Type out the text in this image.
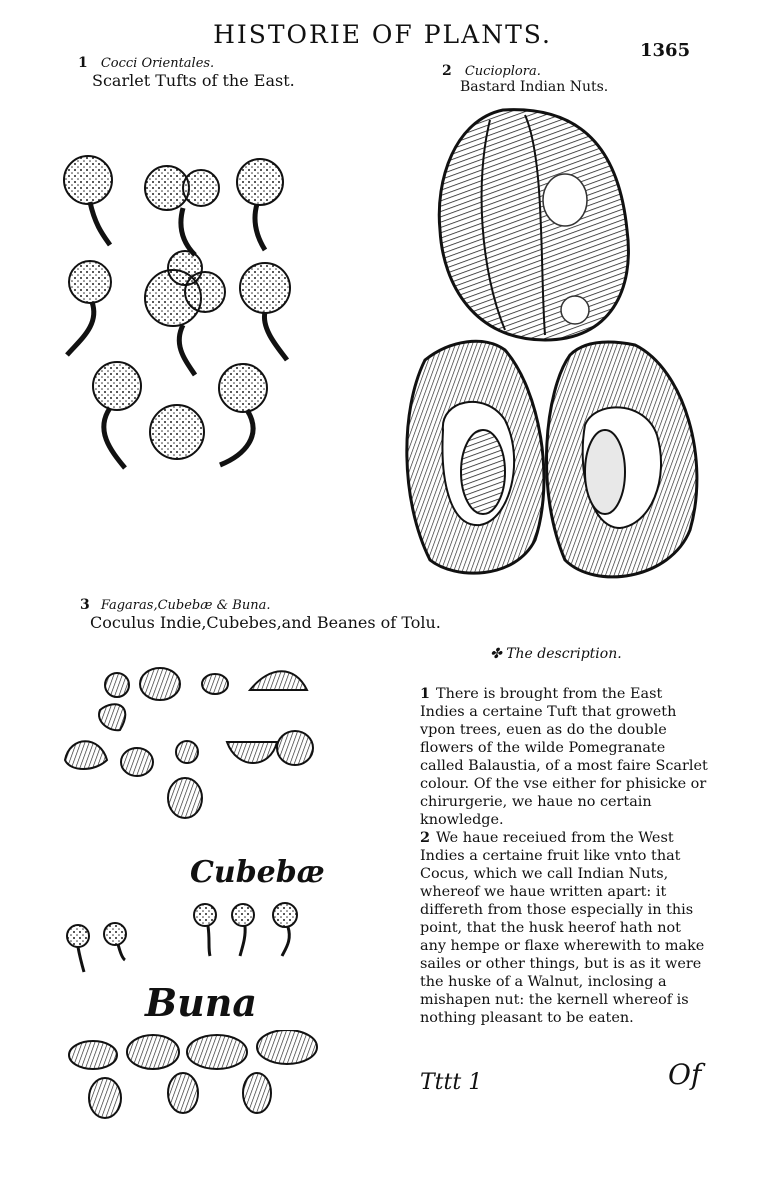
HISTORIE OF PLANTS.
1365
1 Cocci Orientales.
Scarlet Tufts of the East.	2 Cucioplora.
Bastard Indian Nuts.
3 Fagaras,Cubebæ & Buna.
Coculus Indie,Cubebes,and Beanes of Tolu.
Cubebæ
Buna
✤ The description.

1 There is brought from the East Indies a certaine Tuft that groweth vpon trees, euen as do the double flowers of the wilde Pomegranate called Balaustia, of a most faire Scarlet colour. Of the vse either for phisicke or chirurgerie, we haue no certain knowledge.

2 We haue receiued from the West Indies a certaine fruit like vnto that Cocus, which we call Indian Nuts, whereof we haue written apart: it differeth from those especially in this point, that the husk heerof hath not any hempe or flaxe wherewith to make sailes or other things, but is as it were the huske of a Walnut, inclosing a mishapen nut: the kernell whereof is nothing pleasant to be eaten.

Tttt 1	Of
